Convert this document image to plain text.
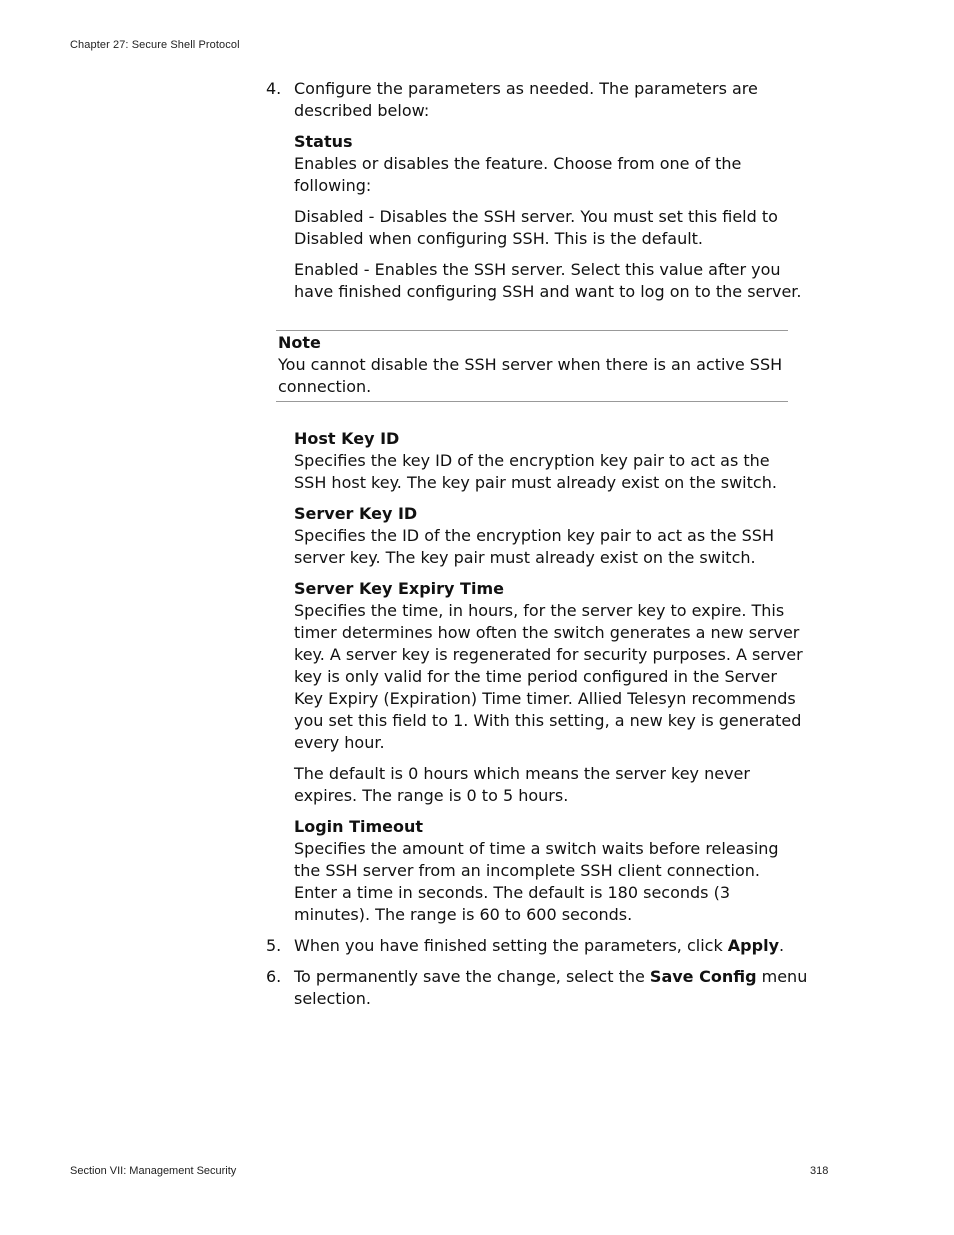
Chapter 27: Secure Shell Protocol
4. Configure the parameters as needed. The parameters are described below:

Status

Enables or disables the feature. Choose from one of the following:

Disabled - Disables the SSH server. You must set this field to Disabled when configuring SSH. This is the default.

Enabled - Enables the SSH server. Select this value after you have finished configuring SSH and want to log on to the server.

Note

You cannot disable the SSH server when there is an active SSH connection.

Host Key ID

Specifies the key ID of the encryption key pair to act as the SSH host key. The key pair must already exist on the switch.

Server Key ID

Specifies the ID of the encryption key pair to act as the SSH server key. The key pair must already exist on the switch.

Server Key Expiry Time

Specifies the time, in hours, for the server key to expire. This timer determines how often the switch generates a new server key. A server key is regenerated for security purposes. A server key is only valid for the time period configured in the Server Key Expiry (Expiration) Time timer. Allied Telesyn recommends you set this field to 1. With this setting, a new key is generated every hour.

The default is 0 hours which means the server key never expires. The range is 0 to 5 hours.

Login Timeout

Specifies the amount of time a switch waits before releasing the SSH server from an incomplete SSH client connection. Enter a time in seconds. The default is 180 seconds (3 minutes). The range is 60 to 600 seconds.

5. When you have finished setting the parameters, click Apply.

6. To permanently save the change, select the Save Config menu selection.

Section VII: Management Security	318
